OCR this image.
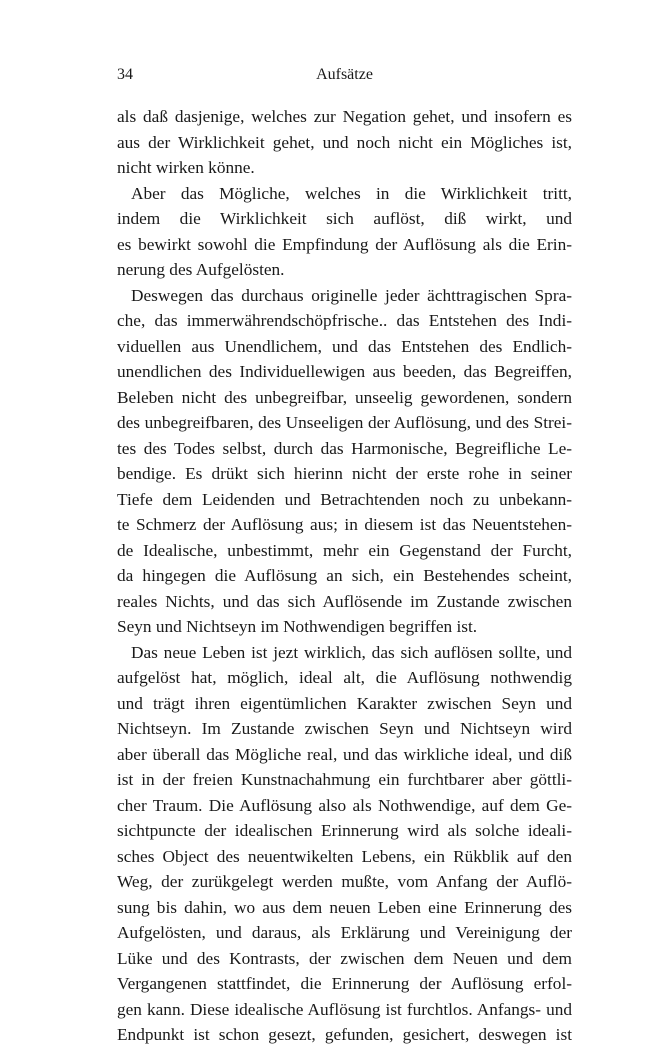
34	Aufsätze
als daß dasjenige, welches zur Negation gehet, und insofern es
aus der Wirklichkeit gehet, und noch nicht ein Mögliches ist,
nicht wirken könne.
Aber das Mögliche, welches in die Wirklichkeit tritt,
indem die Wirklichkeit sich auflöst, diß wirkt, und
es bewirkt sowohl die Empfindung der Auflösung als die Erin-
nerung des Aufgelösten.
Deswegen das durchaus originelle jeder ächttragischen Spra-
che, das immerwährendschöpfrische.. das Entstehen des Indi-
viduellen aus Unendlichem, und das Entstehen des Endlich-
unendlichen des Individuellewigen aus beeden, das Begreiffen,
Beleben nicht des unbegreifbar, unseelig gewordenen, sondern
des unbegreifbaren, des Unseeligen der Auflösung, und des Strei-
tes des Todes selbst, durch das Harmonische, Begreifliche Le-
bendige. Es drükt sich hierinn nicht der erste rohe in seiner
Tiefe dem Leidenden und Betrachtenden noch zu unbekann-
te Schmerz der Auflösung aus; in diesem ist das Neuentstehen-
de Idealische, unbestimmt, mehr ein Gegenstand der Furcht,
da hingegen die Auflösung an sich, ein Bestehendes scheint,
reales Nichts, und das sich Auflösende im Zustande zwischen
Seyn und Nichtseyn im Nothwendigen begriffen ist.
Das neue Leben ist jezt wirklich, das sich auflösen sollte, und
aufgelöst hat, möglich, ideal alt, die Auflösung nothwendig
und trägt ihren eigentümlichen Karakter zwischen Seyn und
Nichtseyn. Im Zustande zwischen Seyn und Nichtseyn wird
aber überall das Mögliche real, und das wirkliche ideal, und diß
ist in der freien Kunstnachahmung ein furchtbarer aber göttli-
cher Traum. Die Auflösung also als Nothwendige, auf dem Ge-
sichtpuncte der idealischen Erinnerung wird als solche ideali-
sches Object des neuentwikelten Lebens, ein Rükblik auf den
Weg, der zurükgelegt werden mußte, vom Anfang der Auflö-
sung bis dahin, wo aus dem neuen Leben eine Erinnerung des
Aufgelösten, und daraus, als Erklärung und Vereinigung der
Lüke und des Kontrasts, der zwischen dem Neuen und dem
Vergangenen stattfindet, die Erinnerung der Auflösung erfol-
gen kann. Diese idealische Auflösung ist furchtlos. Anfangs- und
Endpunkt ist schon gesezt, gefunden, gesichert, deswegen ist
